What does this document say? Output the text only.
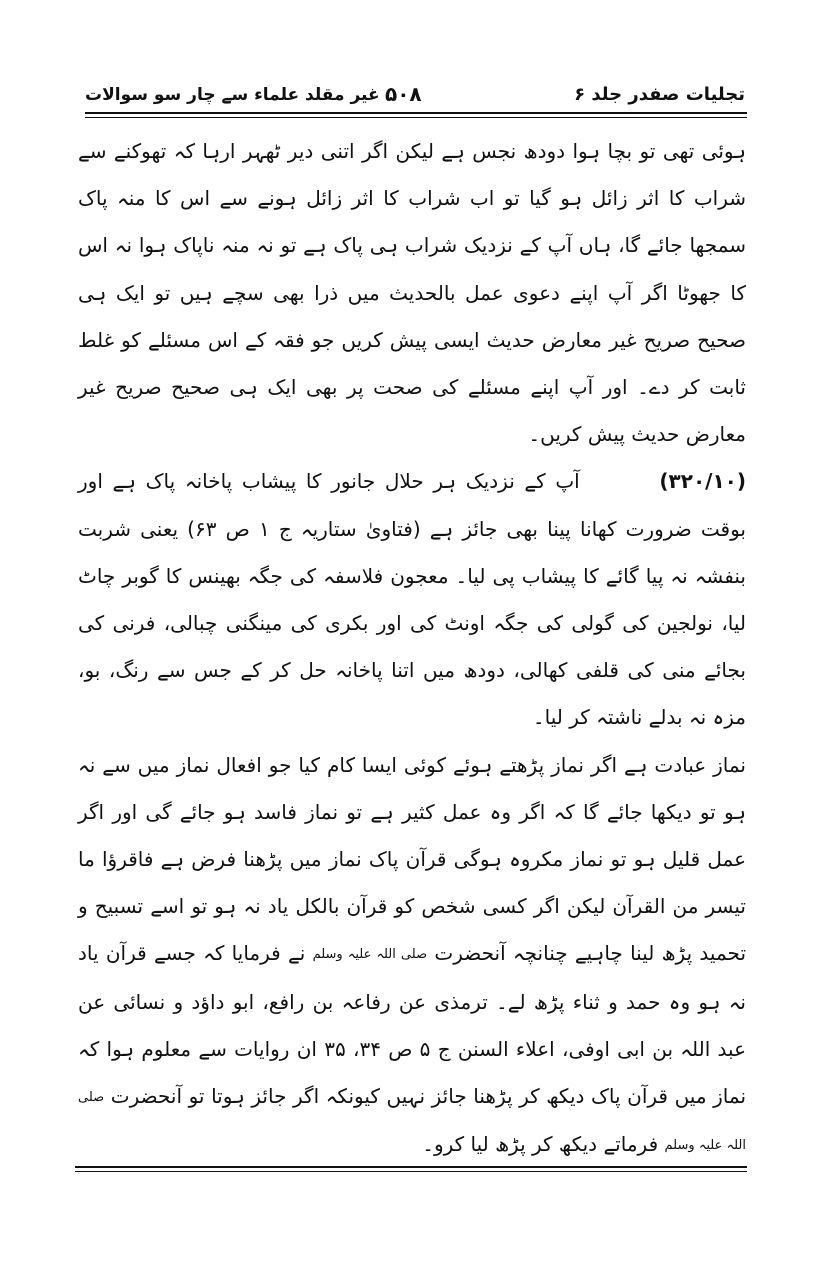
تجلیات صفدر جلد ۶
۵۰۸
غیر مقلد علماء سے چار سو سوالات

ہوئی تھی تو بچا ہوا دودھ نجس ہے لیکن اگر اتنی دیر ٹھہر ارہا کہ تھوکنے سے شراب کا اثر زائل ہو گیا تو اب شراب کا اثر زائل ہونے سے اس کا منہ پاک سمجھا جائے گا، ہاں آپ کے نزدیک شراب ہی پاک ہے تو نہ منہ ناپاک ہوا نہ اس کا جھوٹا اگر آپ اپنے دعوی عمل بالحدیث میں ذرا بھی سچے ہیں تو ایک ہی صحیح صریح غیر معارض حدیث ایسی پیش کریں جو فقہ کے اس مسئلے کو غلط ثابت کر دے۔ اور آپ اپنے مسئلے کی صحت پر بھی ایک ہی صحیح صریح غیر معارض حدیث پیش کریں۔

(۳۲۰/۱۰) آپ کے نزدیک ہر حلال جانور کا پیشاب پاخانہ پاک ہے اور بوقت ضرورت کھانا پینا بھی جائز ہے (فتاویٰ ستاریہ ج ۱ ص ۶۳) یعنی شربت بنفشہ نہ پیا گائے کا پیشاب پی لیا۔ معجون فلاسفہ کی جگہ بھینس کا گوبر چاٹ لیا، نولجین کی گولی کی جگہ اونٹ کی اور بکری کی مینگنی چبالی، فرنی کی بجائے منی کی قلفی کھالی، دودھ میں اتنا پاخانہ حل کر کے جس سے رنگ، بو، مزہ نہ بدلے ناشتہ کر لیا۔

نماز عبادت ہے اگر نماز پڑھتے ہوئے کوئی ایسا کام کیا جو افعال نماز میں سے نہ ہو تو دیکھا جائے گا کہ اگر وہ عمل کثیر ہے تو نماز فاسد ہو جائے گی اور اگر عمل قلیل ہو تو نماز مکروہ ہوگی قرآن پاک نماز میں پڑھنا فرض ہے فاقرؤا ما تیسر من القرآن لیکن اگر کسی شخص کو قرآن بالکل یاد نہ ہو تو اسے تسبیح و تحمید پڑھ لینا چاہیے چنانچہ آنحضرت صلی اللہ علیہ وسلم نے فرمایا کہ جسے قرآن یاد نہ ہو وہ حمد و ثناء پڑھ لے۔ ترمذی عن رفاعہ بن رافع، ابو داؤد و نسائی عن عبد اللہ بن ابی اوفی، اعلاء السنن ج ۵ ص ۳۴، ۳۵ ان روایات سے معلوم ہوا کہ نماز میں قرآن پاک دیکھ کر پڑھنا جائز نہیں کیونکہ اگر جائز ہوتا تو آنحضرت صلی اللہ علیہ وسلم فرماتے دیکھ کر پڑھ لیا کرو۔
